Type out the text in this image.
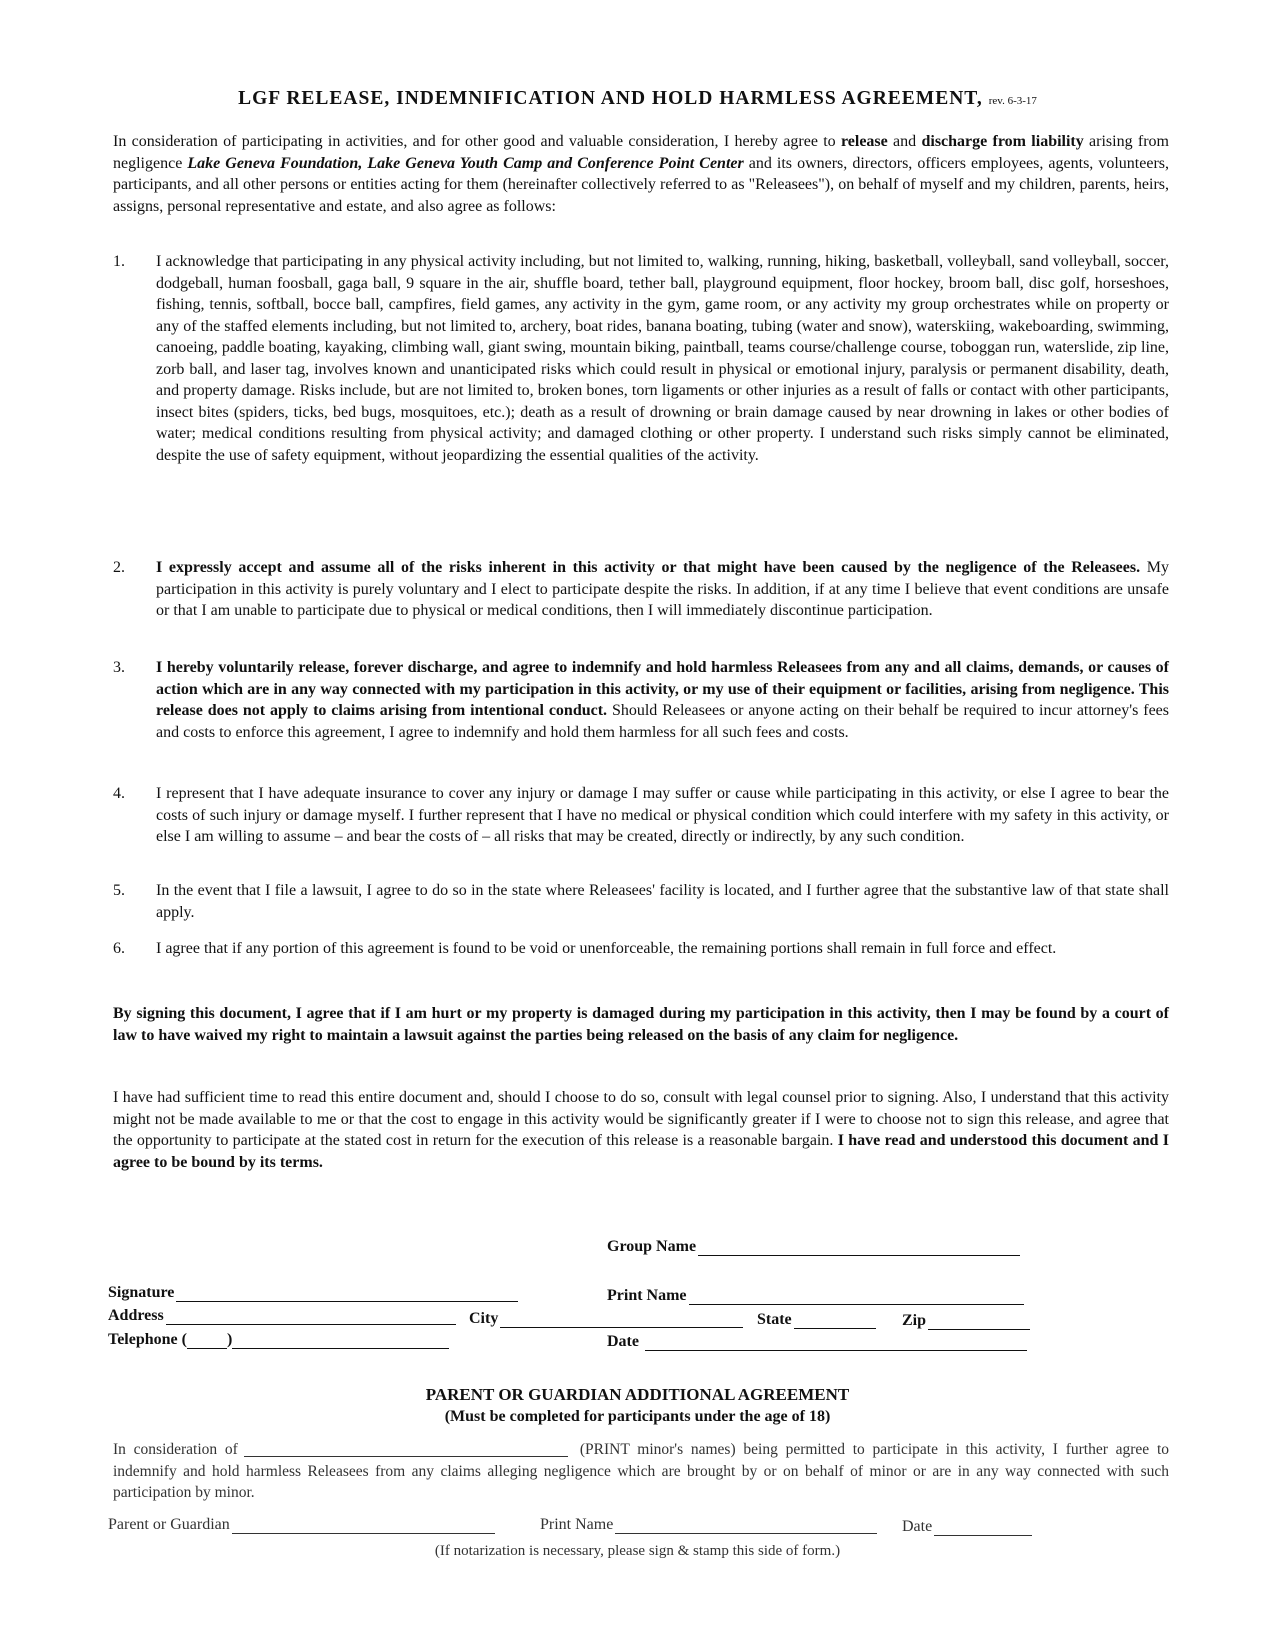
LGF RELEASE, INDEMNIFICATION AND HOLD HARMLESS AGREEMENT, rev. 6-3-17

In consideration of participating in activities, and for other good and valuable consideration, I hereby agree to release and discharge from liability arising from negligence Lake Geneva Foundation, Lake Geneva Youth Camp and Conference Point Center and its owners, directors, officers employees, agents, volunteers, participants, and all other persons or entities acting for them (hereinafter collectively referred to as "Releasees"), on behalf of myself and my children, parents, heirs, assigns, personal representative and estate, and also agree as follows:

1.	I acknowledge that participating in any physical activity including, but not limited to, walking, running, hiking, basketball, volleyball, sand volleyball, soccer, dodgeball, human foosball, gaga ball, 9 square in the air, shuffle board, tether ball, playground equipment, floor hockey, broom ball, disc golf, horseshoes, fishing, tennis, softball, bocce ball, campfires, field games, any activity in the gym, game room, or any activity my group orchestrates while on property or any of the staffed elements including, but not limited to, archery, boat rides, banana boating, tubing (water and snow), waterskiing, wakeboarding, swimming, canoeing, paddle boating, kayaking, climbing wall, giant swing, mountain biking, paintball, teams course/challenge course, toboggan run, waterslide, zip line, zorb ball, and laser tag, involves known and unanticipated risks which could result in physical or emotional injury, paralysis or permanent disability, death, and property damage. Risks include, but are not limited to, broken bones, torn ligaments or other injuries as a result of falls or contact with other participants, insect bites (spiders, ticks, bed bugs, mosquitoes, etc.); death as a result of drowning or brain damage caused by near drowning in lakes or other bodies of water; medical conditions resulting from physical activity; and damaged clothing or other property. I understand such risks simply cannot be eliminated, despite the use of safety equipment, without jeopardizing the essential qualities of the activity.

2.	I expressly accept and assume all of the risks inherent in this activity or that might have been caused by the negligence of the Releasees. My participation in this activity is purely voluntary and I elect to participate despite the risks. In addition, if at any time I believe that event conditions are unsafe or that I am unable to participate due to physical or medical conditions, then I will immediately discontinue participation.

3.	I hereby voluntarily release, forever discharge, and agree to indemnify and hold harmless Releasees from any and all claims, demands, or causes of action which are in any way connected with my participation in this activity, or my use of their equipment or facilities, arising from negligence. This release does not apply to claims arising from intentional conduct. Should Releasees or anyone acting on their behalf be required to incur attorney's fees and costs to enforce this agreement, I agree to indemnify and hold them harmless for all such fees and costs.

4.	I represent that I have adequate insurance to cover any injury or damage I may suffer or cause while participating in this activity, or else I agree to bear the costs of such injury or damage myself. I further represent that I have no medical or physical condition which could interfere with my safety in this activity, or else I am willing to assume – and bear the costs of – all risks that may be created, directly or indirectly, by any such condition.

5.	In the event that I file a lawsuit, I agree to do so in the state where Releasees' facility is located, and I further agree that the substantive law of that state shall apply.

6.	I agree that if any portion of this agreement is found to be void or unenforceable, the remaining portions shall remain in full force and effect.

By signing this document, I agree that if I am hurt or my property is damaged during my participation in this activity, then I may be found by a court of law to have waived my right to maintain a lawsuit against the parties being released on the basis of any claim for negligence.

I have had sufficient time to read this entire document and, should I choose to do so, consult with legal counsel prior to signing. Also, I understand that this activity might not be made available to me or that the cost to engage in this activity would be significantly greater if I were to choose not to sign this release, and agree that the opportunity to participate at the stated cost in return for the execution of this release is a reasonable bargain. I have read and understood this document and I agree to be bound by its terms.

Group Name
Signature	Print Name
Address	City	State	Zip
Telephone (	)	Date
PARENT OR GUARDIAN ADDITIONAL AGREEMENT
(Must be completed for participants under the age of 18)

In consideration of	(PRINT minor's names) being permitted to participate in this activity, I further agree to indemnify and hold harmless Releasees from any claims alleging negligence which are brought by or on behalf of minor or are in any way connected with such participation by minor.

Parent or Guardian	Print Name	Date
(If notarization is necessary, please sign & stamp this side of form.)
